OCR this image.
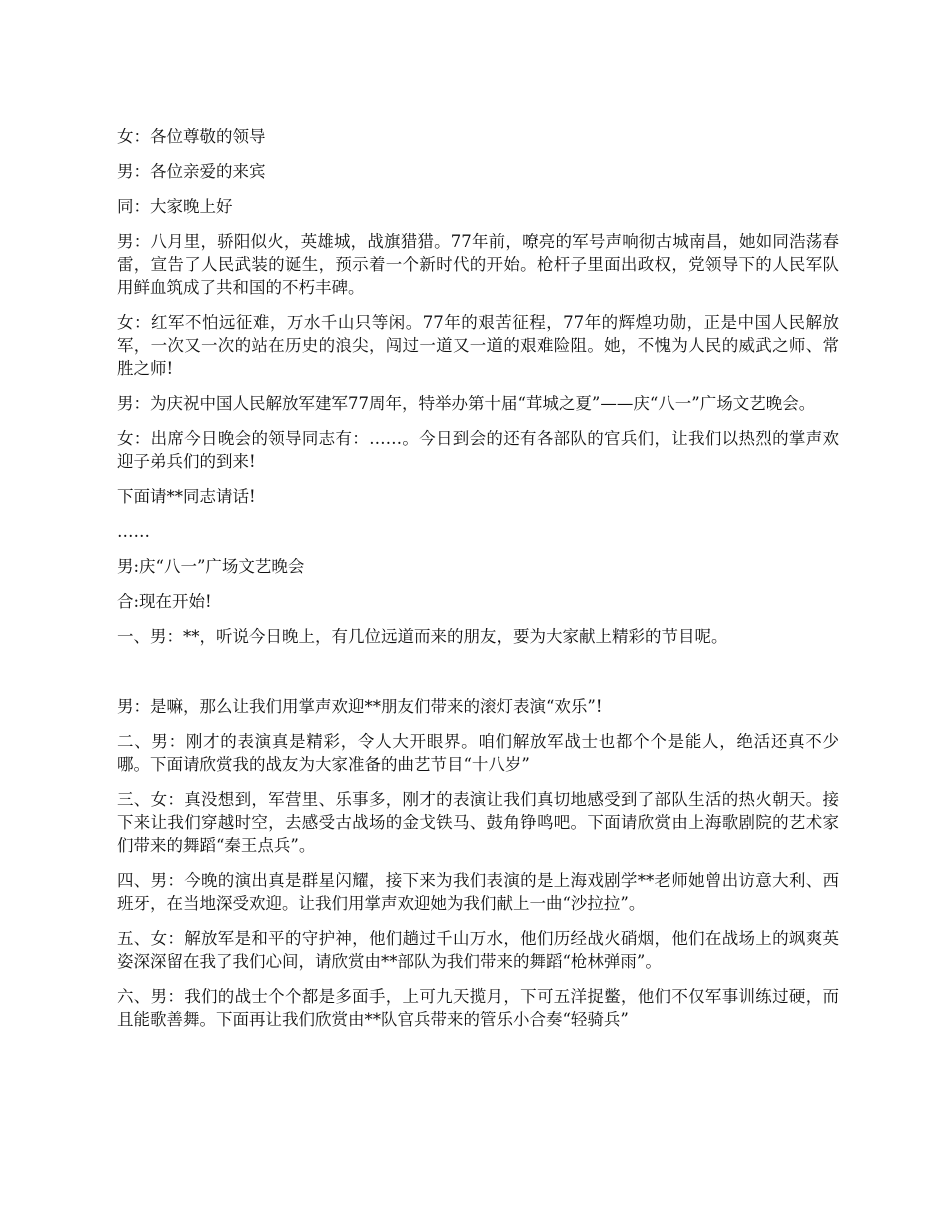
女：各位尊敬的领导

男：各位亲爱的来宾

同：大家晚上好

男：八月里，骄阳似火，英雄城，战旗猎猎。77年前，嘹亮的军号声响彻古城南昌，她如同浩荡春雷，宣告了人民武装的诞生，预示着一个新时代的开始。枪杆子里面出政权，党领导下的人民军队用鲜血筑成了共和国的不朽丰碑。

女：红军不怕远征难，万水千山只等闲。77年的艰苦征程，77年的辉煌功勋，正是中国人民解放军，一次又一次的站在历史的浪尖，闯过一道又一道的艰难险阻。她，不愧为人民的威武之师、常胜之师!

男：为庆祝中国人民解放军建军77周年，特举办第十届“茸城之夏”——庆“八一”广场文艺晚会。

女：出席今日晚会的领导同志有：……。今日到会的还有各部队的官兵们，让我们以热烈的掌声欢迎子弟兵们的到来!

下面请**同志请话!

……

男:庆“八一”广场文艺晚会

合:现在开始!

一、男：**，听说今日晚上，有几位远道而来的朋友，要为大家献上精彩的节目呢。

男：是嘛，那么让我们用掌声欢迎**朋友们带来的滚灯表演“欢乐”!

二、男：刚才的表演真是精彩，令人大开眼界。咱们解放军战士也都个个是能人，绝活还真不少哪。下面请欣赏我的战友为大家准备的曲艺节目“十八岁”

三、女：真没想到，军营里、乐事多，刚才的表演让我们真切地感受到了部队生活的热火朝天。接下来让我们穿越时空，去感受古战场的金戈铁马、鼓角铮鸣吧。下面请欣赏由上海歌剧院的艺术家们带来的舞蹈“秦王点兵”。

四、男：今晚的演出真是群星闪耀，接下来为我们表演的是上海戏剧学**老师她曾出访意大利、西班牙，在当地深受欢迎。让我们用掌声欢迎她为我们献上一曲“沙拉拉”。

五、女：解放军是和平的守护神，他们趟过千山万水，他们历经战火硝烟，他们在战场上的飒爽英姿深深留在我了我们心间，请欣赏由**部队为我们带来的舞蹈“枪林弹雨”。

六、男：我们的战士个个都是多面手，上可九天揽月，下可五洋捉鳖，他们不仅军事训练过硬，而且能歌善舞。下面再让我们欣赏由**队官兵带来的管乐小合奏“轻骑兵”
